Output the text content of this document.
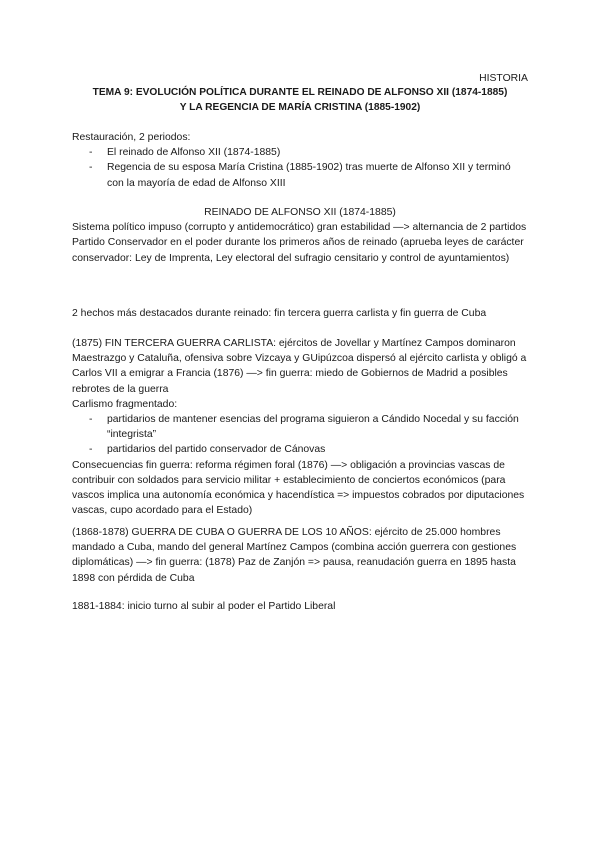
HISTORIA
TEMA 9: EVOLUCIÓN POLÍTICA DURANTE EL REINADO DE ALFONSO XII (1874-1885)
Y LA REGENCIA DE MARÍA CRISTINA (1885-1902)

Restauración, 2 periodos:

- El reinado de Alfonso XII (1874-1885)
- Regencia de su esposa María Cristina (1885-1902) tras muerte de Alfonso XII y terminó con la mayoría de edad de Alfonso XIII

REINADO DE ALFONSO XII (1874-1885)

Sistema político impuso (corrupto y antidemocrático) gran estabilidad —> alternancia de 2 partidos

Partido Conservador en el poder durante los primeros años de reinado (aprueba leyes de carácter conservador: Ley de Imprenta, Ley electoral del sufragio censitario y control de ayuntamientos)

2 hechos más destacados durante reinado: fin tercera guerra carlista y fin guerra de Cuba

(1875) FIN TERCERA GUERRA CARLISTA: ejércitos de Jovellar y Martínez Campos dominaron Maestrazgo y Cataluña, ofensiva sobre Vizcaya y GUipúzcoa dispersó al ejército carlista y obligó a Carlos VII a emigrar a Francia (1876) —> fin guerra: miedo de Gobiernos de Madrid a posibles rebrotes de la guerra

Carlismo fragmentado:

- partidarios de mantener esencias del programa siguieron a Cándido Nocedal y su facción “integrista”
- partidarios del partido conservador de Cánovas

Consecuencias fin guerra: reforma régimen foral (1876) —> obligación a provincias vascas de contribuir con soldados para servicio militar + establecimiento de conciertos económicos (para vascos implica una autonomía económica y hacendística => impuestos cobrados por diputaciones vascas, cupo acordado para el Estado)

(1868-1878) GUERRA DE CUBA O GUERRA DE LOS 10 AÑOS: ejército de 25.000 hombres mandado a Cuba, mando del general Martínez Campos (combina acción guerrera con gestiones diplomáticas) —> fin guerra: (1878) Paz de Zanjón => pausa, reanudación guerra en 1895 hasta 1898 con pérdida de Cuba

1881-1884: inicio turno al subir al poder el Partido Liberal
